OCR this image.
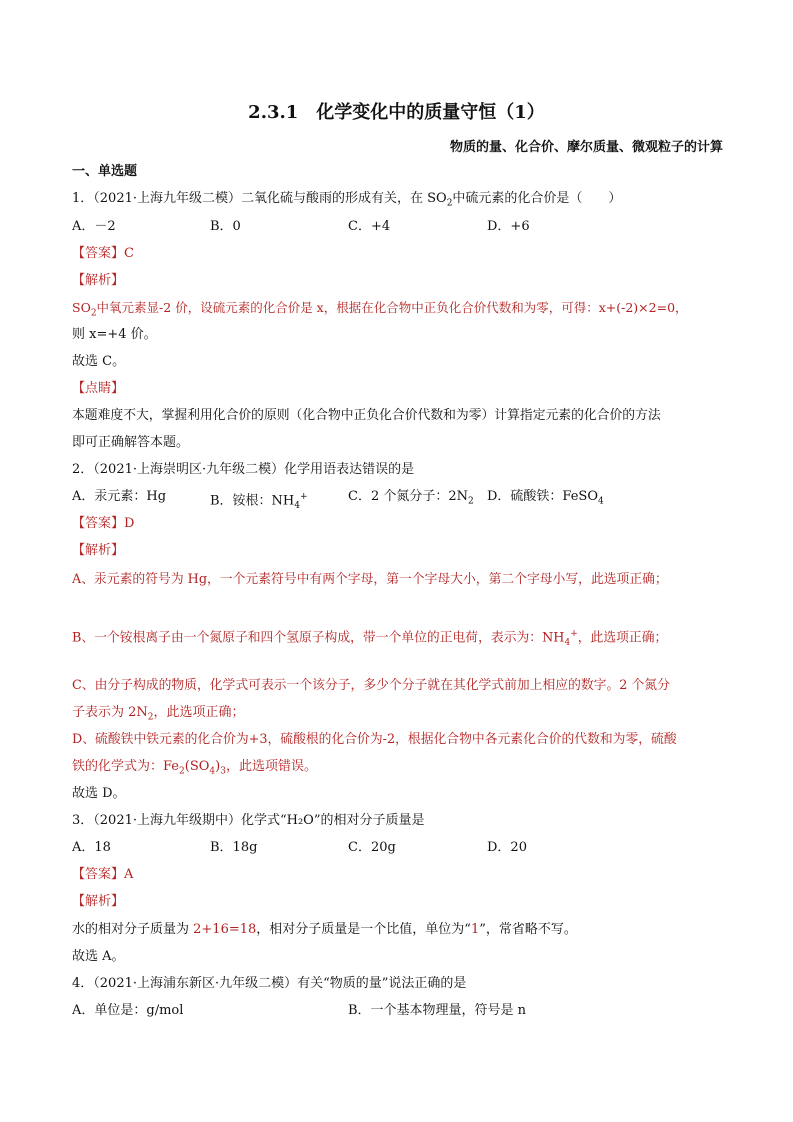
2.3.1　化学变化中的质量守恒（1）
物质的量、化合价、摩尔质量、微观粒子的计算
一、单选题
1．（2021·上海九年级二模）二氧化硫与酸雨的形成有关，在 $SO_2$中硫元素的化合价是（　　）
A．－2	B．0	C．+4	D．+6
【答案】C
【解析】
$SO_2$中氧元素显-2 价，设硫元素的化合价是 x，根据在化合物中正负化合价代数和为零，可得：x+(-2)×2=0，
则 x=+4 价。
故选 C。
【点睛】
本题难度不大，掌握利用化合价的原则（化合物中正负化合价代数和为零）计算指定元素的化合价的方法
即可正确解答本题。
2．（2021·上海崇明区·九年级二模）化学用语表达错误的是
A．汞元素：Hg	B．铵根：$NH_4^+$	C．2 个氮分子：$2N_2$ D．硫酸铁：FeSO$_4$
【答案】D
【解析】
A、汞元素的符号为 Hg，一个元素符号中有两个字母，第一个字母大小，第二个字母小写，此选项正确；
B、一个铵根离子由一个氮原子和四个氢原子构成，带一个单位的正电荷，表示为：$NH_4^+$，此选项正确；
C、由分子构成的物质，化学式可表示一个该分子，多少个分子就在其化学式前加上相应的数字。2 个氮分
子表示为 $2N_2$，此选项正确；
D、硫酸铁中铁元素的化合价为+3，硫酸根的化合价为-2，根据化合物中各元素化合价的代数和为零，硫酸
铁的化学式为：$Fe_2(SO_4)_3$，此选项错误。
故选 D。
3．（2021·上海九年级期中）化学式“H₂O”的相对分子质量是
A．18	B．18g	C．20g	D．20
【答案】A
【解析】
水的相对分子质量为 2+16=18，相对分子质量是一个比值，单位为“1”，常省略不写。
故选 A。
4．（2021·上海浦东新区·九年级二模）有关“物质的量”说法正确的是
A．单位是：g/mol	B．一个基本物理量，符号是 n
